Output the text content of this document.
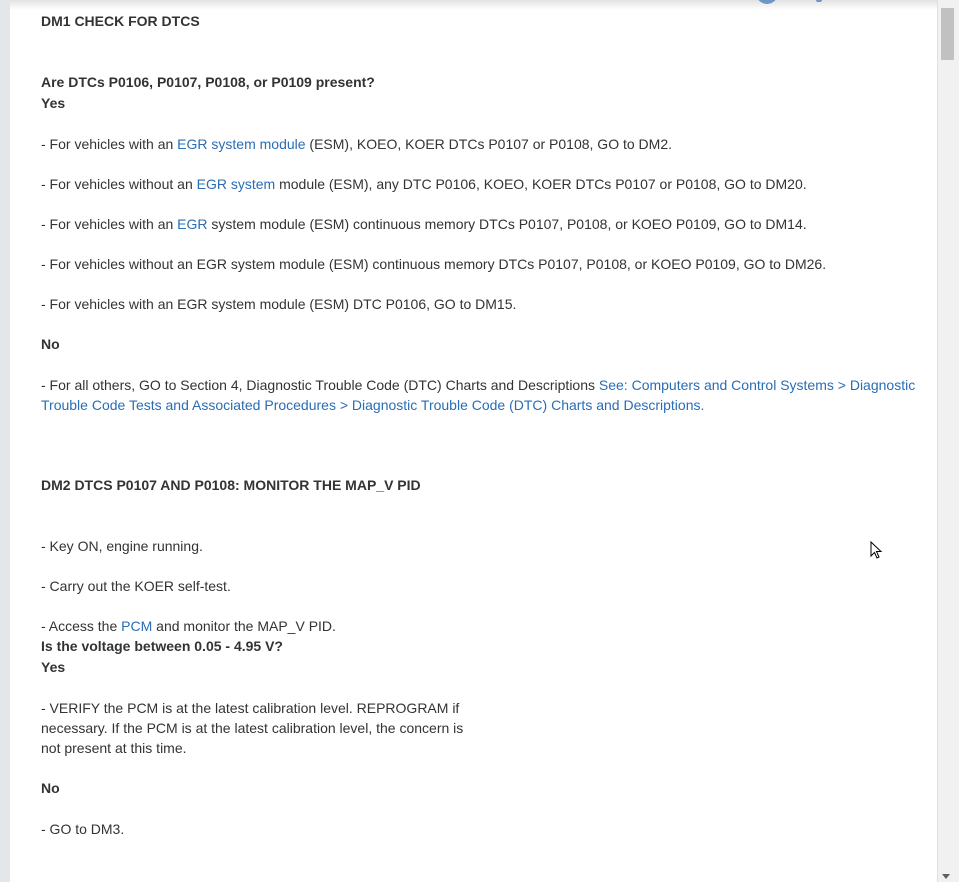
DM1 CHECK FOR DTCS
Are DTCs P0106, P0107, P0108, or P0109 present?
Yes
- For vehicles with an EGR system module (ESM), KOEO, KOER DTCs P0107 or P0108, GO to DM2.
- For vehicles without an EGR system module (ESM), any DTC P0106, KOEO, KOER DTCs P0107 or P0108, GO to DM20.
- For vehicles with an EGR system module (ESM) continuous memory DTCs P0107, P0108, or KOEO P0109, GO to DM14.
- For vehicles without an EGR system module (ESM) continuous memory DTCs P0107, P0108, or KOEO P0109, GO to DM26.
- For vehicles with an EGR system module (ESM) DTC P0106, GO to DM15.
No
- For all others, GO to Section 4, Diagnostic Trouble Code (DTC) Charts and Descriptions See: Computers and Control Systems > Diagnostic
Trouble Code Tests and Associated Procedures > Diagnostic Trouble Code (DTC) Charts and Descriptions.
DM2 DTCS P0107 AND P0108: MONITOR THE MAP_V PID
- Key ON, engine running.
- Carry out the KOER self-test.
- Access the PCM and monitor the MAP_V PID.
Is the voltage between 0.05 - 4.95 V?
Yes
- VERIFY the PCM is at the latest calibration level. REPROGRAM if
necessary. If the PCM is at the latest calibration level, the concern is
not present at this time.
No
- GO to DM3.
